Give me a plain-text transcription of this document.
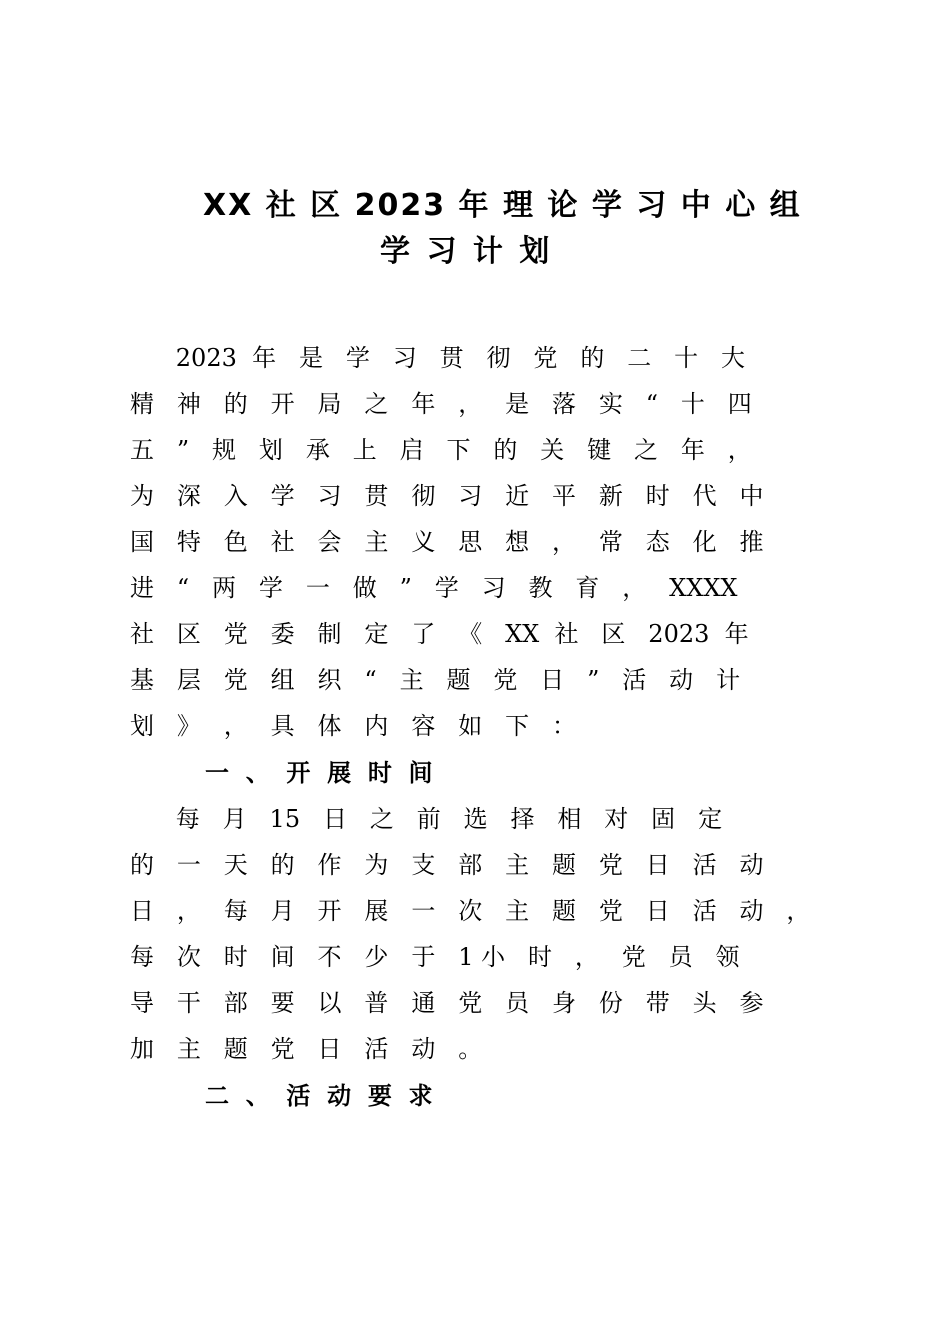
XX 社 区 2023 年 理 论 学 习 中 心 组
学 习 计 划
2023  年   是   学   习   贯   彻   党   的   二   十   大
精   神   的   开   局   之   年   ，   是   落   实   “   十   四
五   ”   规   划   承   上   启   下   的   关   键   之   年   ，
为   深   入   学   习   贯   彻   习   近   平   新   时   代   中
国   特   色   社   会   主   义   思   想   ，   常   态   化   推
进   “   两   学   一   做   ”   学   习   教   育   ，   XXXX
社   区   党   委   制   定   了   《   XX  社   区   2023  年
基   层   党   组   织   “   主   题   党   日   ”   活   动   计
划   》   ，   具   体   内   容   如   下   ：
一  、  开  展  时  间
每   月   15   日   之   前   选   择   相   对   固   定
的   一   天   的   作   为   支   部   主   题   党   日   活   动
日   ，   每   月   开   展   一   次   主   题   党   日   活   动   ，
每   次   时   间   不   少   于   1 小   时   ，   党   员   领
导   干   部   要   以   普   通   党   员   身   份   带   头   参
加   主   题   党   日   活   动   。
二  、  活  动  要  求
